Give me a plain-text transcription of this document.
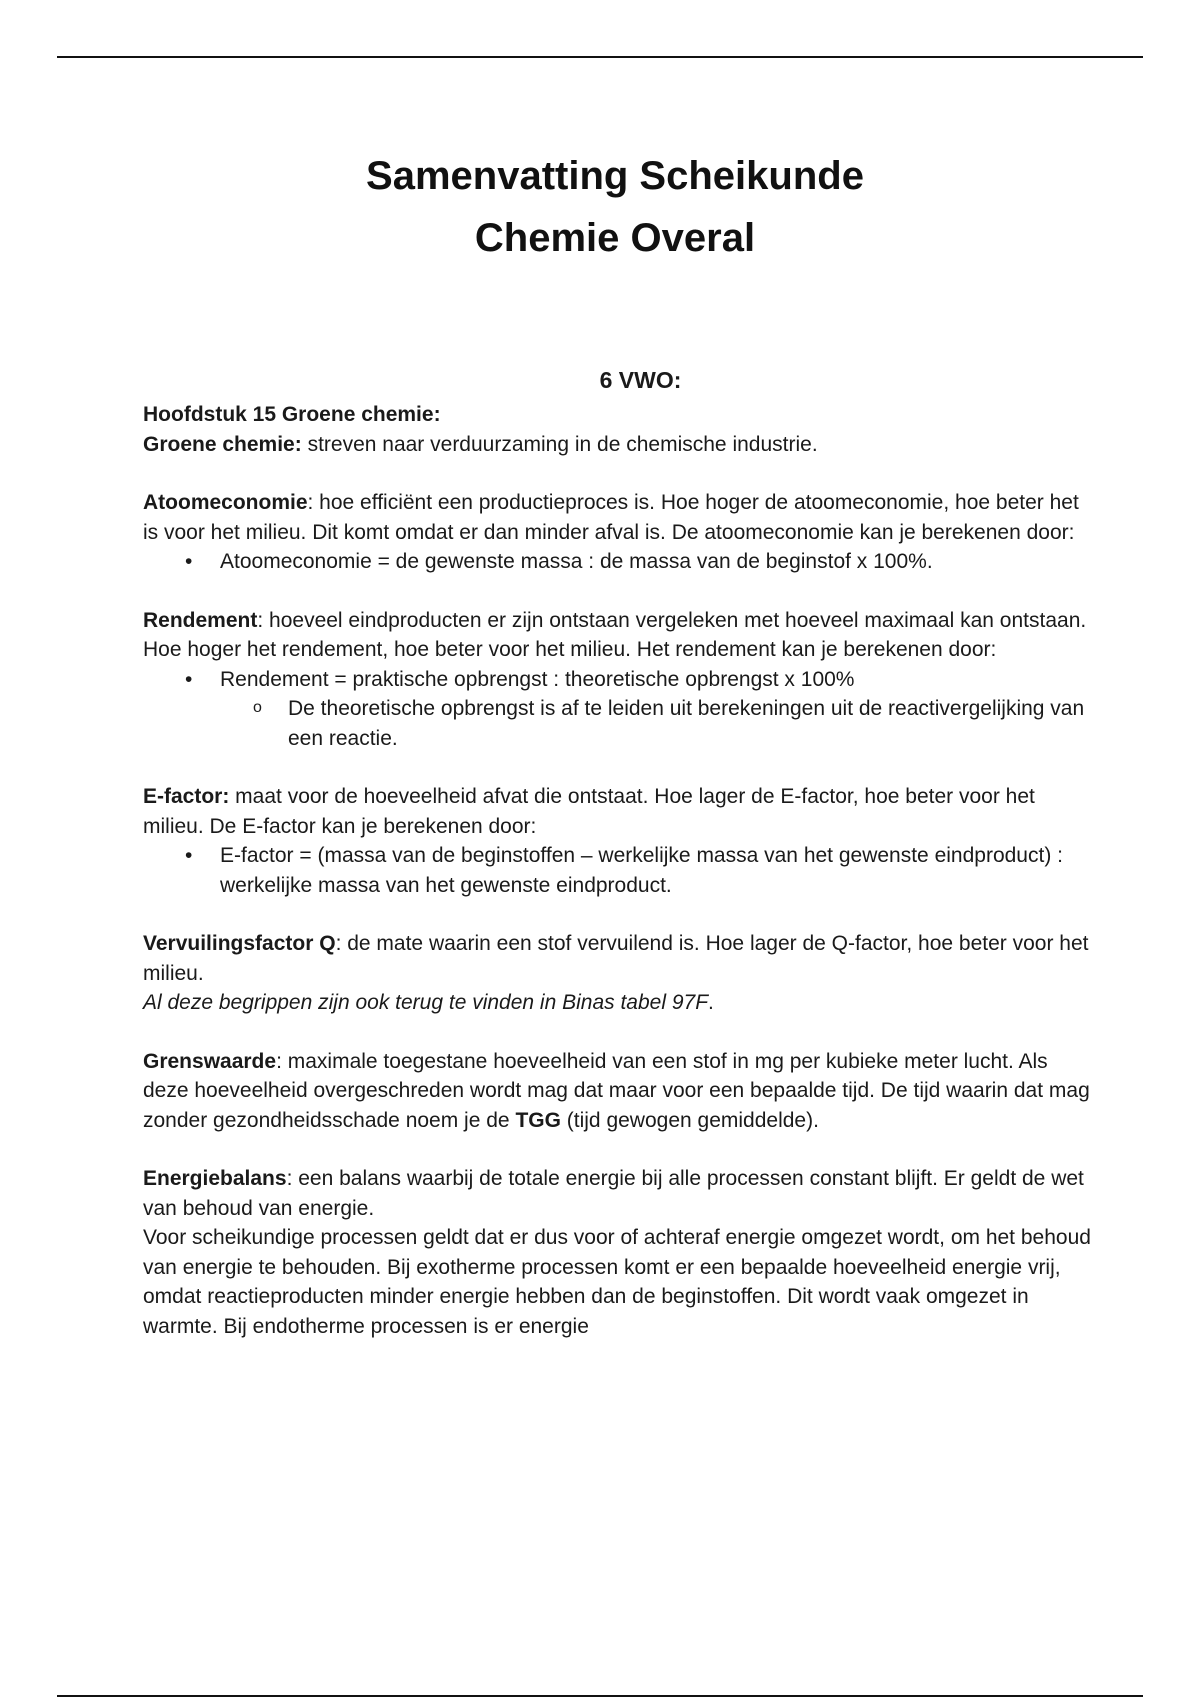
Samenvatting Scheikunde
Chemie Overal
6 VWO:

Hoofdstuk 15 Groene chemie:

Groene chemie: streven naar verduurzaming in de chemische industrie.

Atoomeconomie: hoe efficiënt een productieproces is. Hoe hoger de atoomeconomie, hoe beter het is voor het milieu. Dit komt omdat er dan minder afval is. De atoomeconomie kan je berekenen door:

• Atoomeconomie = de gewenste massa : de massa van de beginstof x 100%.

Rendement: hoeveel eindproducten er zijn ontstaan vergeleken met hoeveel maximaal kan ontstaan. Hoe hoger het rendement, hoe beter voor het milieu. Het rendement kan je berekenen door:

• Rendement = praktische opbrengst : theoretische opbrengst x 100%
o De theoretische opbrengst is af te leiden uit berekeningen uit de reactivergelijking van een reactie.

E-factor: maat voor de hoeveelheid afvat die ontstaat. Hoe lager de E-factor, hoe beter voor het milieu. De E-factor kan je berekenen door:

• E-factor = (massa van de beginstoffen – werkelijke massa van het gewenste eindproduct) : werkelijke massa van het gewenste eindproduct.

Vervuilingsfactor Q: de mate waarin een stof vervuilend is. Hoe lager de Q-factor, hoe beter voor het milieu.

Al deze begrippen zijn ook terug te vinden in Binas tabel 97F.

Grenswaarde: maximale toegestane hoeveelheid van een stof in mg per kubieke meter lucht. Als deze hoeveelheid overgeschreden wordt mag dat maar voor een bepaalde tijd. De tijd waarin dat mag zonder gezondheidsschade noem je de TGG (tijd gewogen gemiddelde).

Energiebalans: een balans waarbij de totale energie bij alle processen constant blijft. Er geldt de wet van behoud van energie.

Voor scheikundige processen geldt dat er dus voor of achteraf energie omgezet wordt, om het behoud van energie te behouden. Bij exotherme processen komt er een bepaalde hoeveelheid energie vrij, omdat reactieproducten minder energie hebben dan de beginstoffen. Dit wordt vaak omgezet in warmte. Bij endotherme processen is er energie
